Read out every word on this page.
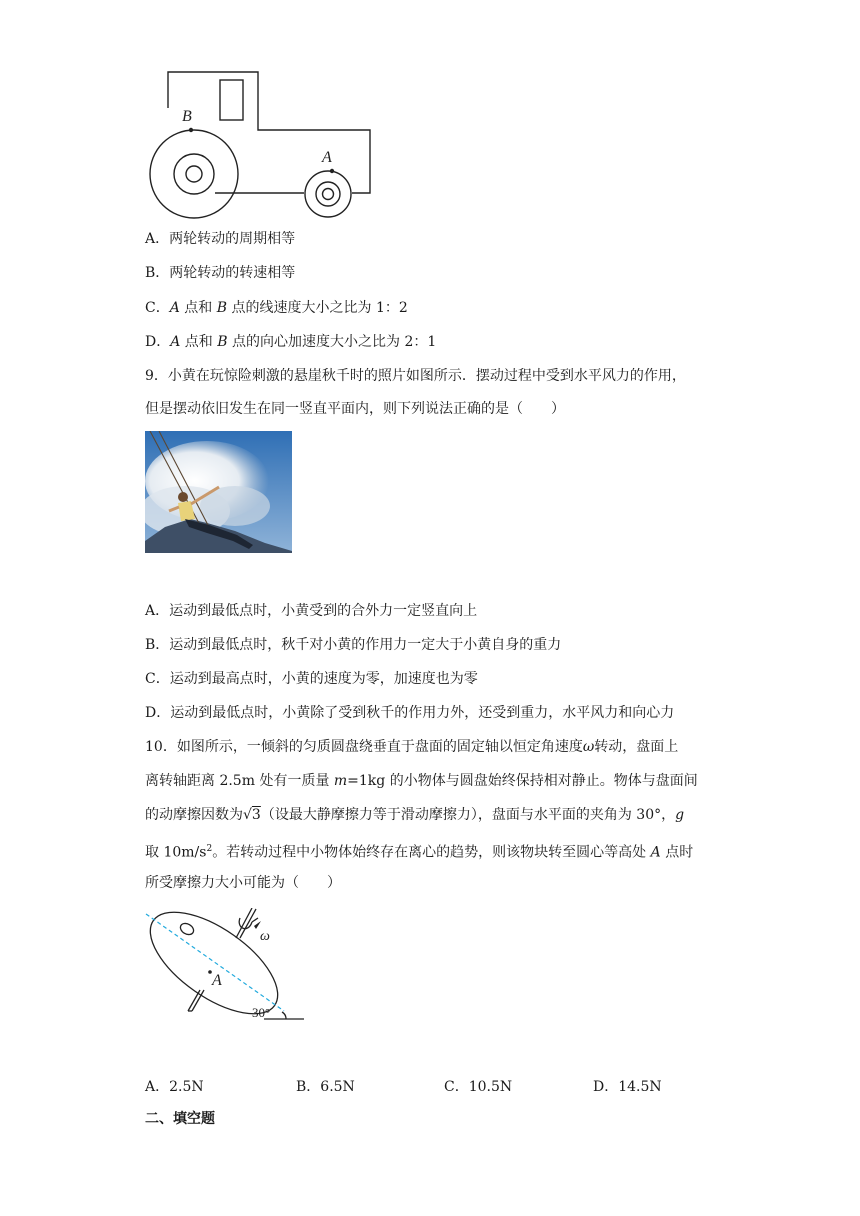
B
A
A．两轮转动的周期相等
B．两轮转动的转速相等
C．A 点和 B 点的线速度大小之比为 1：2
D．A 点和 B 点的向心加速度大小之比为 2：1
9．小黄在玩惊险刺激的悬崖秋千时的照片如图所示．摆动过程中受到水平风力的作用，
但是摆动依旧发生在同一竖直平面内，则下列说法正确的是（　　）
A．运动到最低点时，小黄受到的合外力一定竖直向上
B．运动到最低点时，秋千对小黄的作用力一定大于小黄自身的重力
C．运动到最高点时，小黄的速度为零，加速度也为零
D．运动到最低点时，小黄除了受到秋千的作用力外，还受到重力，水平风力和向心力
10．如图所示，一倾斜的匀质圆盘绕垂直于盘面的固定轴以恒定角速度ω转动，盘面上
离转轴距离 2.5m 处有一质量 m=1kg 的小物体与圆盘始终保持相对静止。物体与盘面间
的动摩擦因数为√3（设最大静摩擦力等于滑动摩擦力），盘面与水平面的夹角为 30°，g
取 $10m/s^2$。若转动过程中小物体始终存在离心的趋势，则该物块转至圆心等高处 A 点时
所受摩擦力大小可能为（　　）
ω
A
30°
A．2.5N	B．6.5N	C．10.5N	D．14.5N
二、填空题
